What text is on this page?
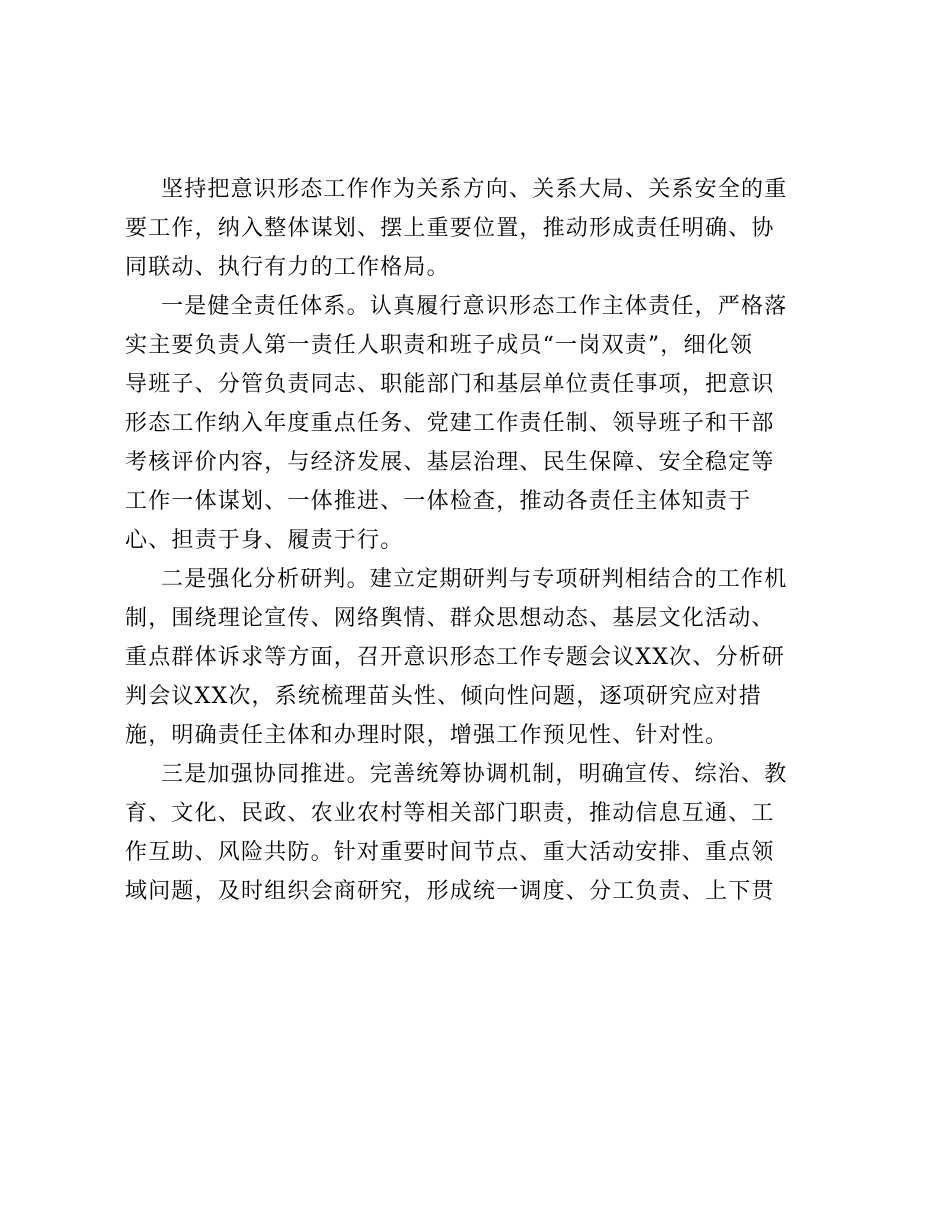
坚持把意识形态工作作为关系方向、关系大局、关系安全的重
要工作，纳入整体谋划、摆上重要位置，推动形成责任明确、协
同联动、执行有力的工作格局。
一是健全责任体系。认真履行意识形态工作主体责任，严格落
实主要负责人第一责任人职责和班子成员“一岗双责”，细化领
导班子、分管负责同志、职能部门和基层单位责任事项，把意识
形态工作纳入年度重点任务、党建工作责任制、领导班子和干部
考核评价内容，与经济发展、基层治理、民生保障、安全稳定等
工作一体谋划、一体推进、一体检查，推动各责任主体知责于
心、担责于身、履责于行。
二是强化分析研判。建立定期研判与专项研判相结合的工作机
制，围绕理论宣传、网络舆情、群众思想动态、基层文化活动、
重点群体诉求等方面，召开意识形态工作专题会议XX次、分析研
判会议XX次，系统梳理苗头性、倾向性问题，逐项研究应对措
施，明确责任主体和办理时限，增强工作预见性、针对性。
三是加强协同推进。完善统筹协调机制，明确宣传、综治、教
育、文化、民政、农业农村等相关部门职责，推动信息互通、工
作互助、风险共防。针对重要时间节点、重大活动安排、重点领
域问题，及时组织会商研究，形成统一调度、分工负责、上下贯
